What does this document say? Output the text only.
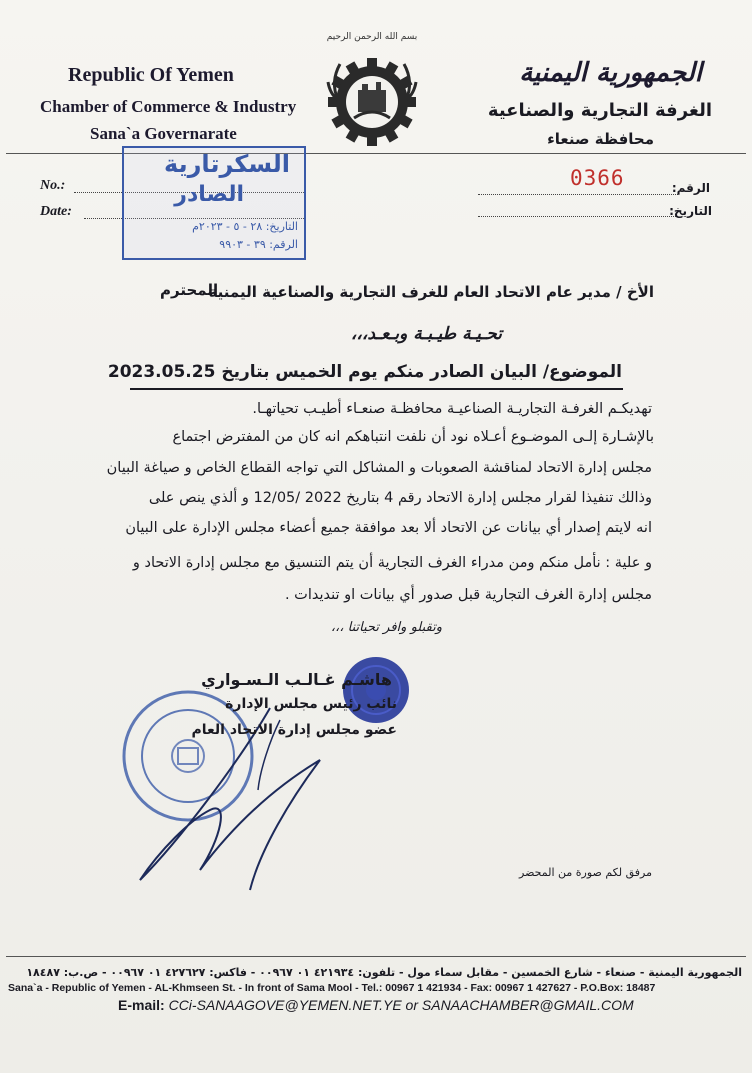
Republic Of Yemen
Chamber of Commerce & Industry
Sana`a Governarate
بسم الله الرحمن الرحيم
الجمهورية اليمنية
الغرفة التجارية والصناعية
محافظة صنعاء
No.:
Date:
0366	الرقم:
التاريخ:
السكرتارية
الصادر
التاريخ: ٢٨ - ٥ - ٢٠٢٣م
الرقم: ٣٩ - ٩٩٠٣
الأخ / مدير عام الاتحاد العام للغرف التجارية والصناعية اليمنية
المحترم
تحـيـة طيـبـة وبـعـد،،،
الموضوع/ البيان الصادر منكم يوم الخميس بتاريخ 2023.05.25
تهديكـم الغرفـة التجاريـة الصناعيـة محافظـة صنعـاء أطيـب تحياتهـا.
بالإشـارة إلـى الموضـوع أعـلاه نود أن نلفت انتباهكم انه كان من المفترض اجتماع
مجلس إدارة الاتحاد لمناقشة الصعوبات و المشاكل التي تواجه القطاع الخاص و صياغة البيان
وذالك تنفيذا لقرار مجلس إدارة الاتحاد رقم 4 بتاريخ 2022 /12/05 و ألذي ينص على
انه لايتم إصدار أي بيانات عن الاتحاد ألا بعد موافقة جميع أعضاء مجلس الإدارة على البيان
و علية : نأمل منكم ومن مدراء الغرف التجارية أن يتم التنسيق مع مجلس إدارة الاتحاد و
مجلس إدارة الغرف التجارية قبل صدور أي بيانات او تنديدات .
وتقبلو وافر تحياتنا ،،،
هاشـم غـالـب الـسـواري
نائب رئيس مجلس الإدارة
عضو مجلس إدارة الاتحاد العام
مرفق لكم صورة من المحضر
الجمهورية اليمنية - صنعاء - شارع الخمسين - مقابل سماء مول - تلفون: ٤٢١٩٣٤ ٠١ ٠٠٩٦٧ - فاكس: ٤٢٧٦٢٧ ٠١ ٠٠٩٦٧ - ص.ب: ١٨٤٨٧
Sana`a - Republic of Yemen - AL-Khmseen St. - In front of Sama Mool - Tel.: 00967 1 421934 - Fax: 00967 1 427627 - P.O.Box: 18487
E-mail: CCi-SANAAGOVE@YEMEN.NET.YE or SANAACHAMBER@GMAIL.COM
